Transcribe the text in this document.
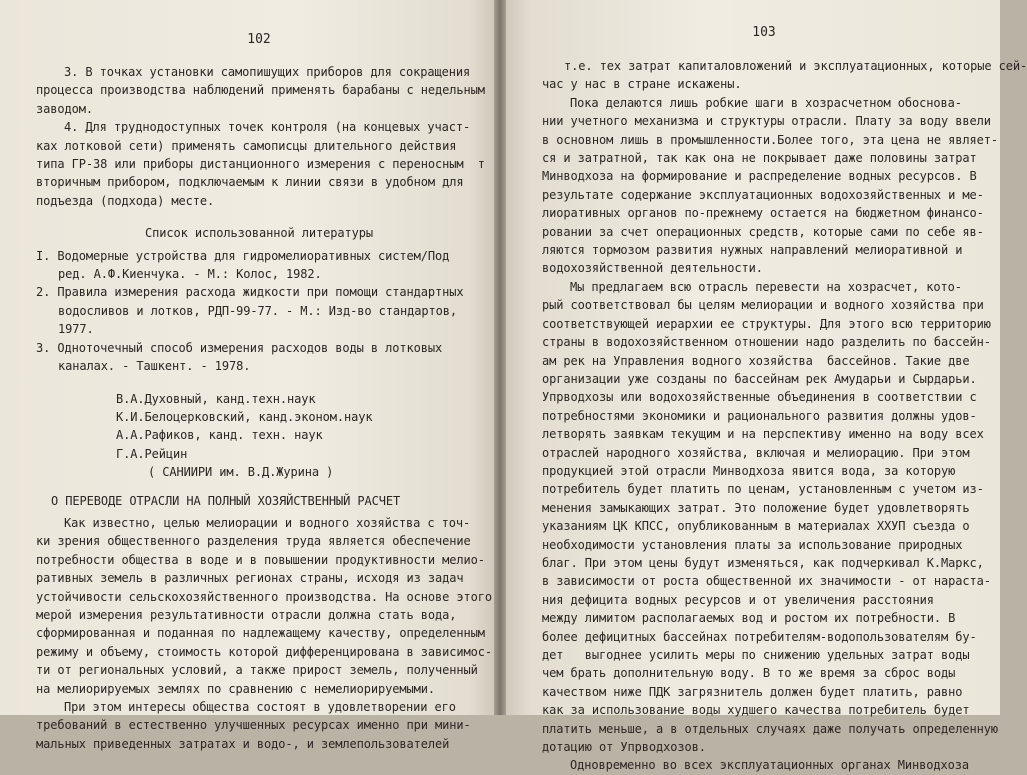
102
3. В точках установки самопишущих приборов для сокращения
процесса производства наблюдений применять барабаны с недельным
заводом.
4. Для труднодоступных точек контроля (на концевых участ-
ках лотковой сети) применять самописцы длительного действия
типа ГР-38 или приборы дистанционного измерения с переносным  т
вторичным прибором, подключаемым к линии связи в удобном для
подъезда (подхода) месте.
Список использованной литературы
I. Водомерные устройства для гидромелиоративных систем/Под
ред. А.Ф.Киенчука. - М.: Колос, 1982.
2. Правила измерения расхода жидкости при помощи стандартных
водосливов и лотков, РДП-99-77. - М.: Изд-во стандартов,
1977.
3. Одноточечный способ измерения расходов воды в лотковых
каналах. - Ташкент. - 1978.
В.А.Духовный, канд.техн.наук
К.И.Белоцерковский, канд.эконом.наук
А.А.Рафиков, канд. техн. наук
Г.А.Рейцин
( САНИИРИ им. В.Д.Журина )
О ПЕРЕВОДЕ ОТРАСЛИ НА ПОЛНЫЙ ХОЗЯЙСТВЕННЫЙ РАСЧЕТ
Как известно, целью мелиорации и водного хозяйства с точ-
ки зрения общественного разделения труда является обеспечение
потребности общества в воде и в повышении продуктивности мелио-
ративных земель в различных регионах страны, исходя из задач
устойчивости сельскохозяйственного производства. На основе этого
мерой измерения результативности отрасли должна стать вода,
сформированная и поданная по надлежащему качеству, определенным
режиму и объему, стоимость которой дифференцирована в зависимос-
ти от региональных условий, а также прирост земель, полученный
на мелиорируемых землях по сравнению с немелиорируемыми.
При этом интересы общества состоят в удовлетворении его
требований в естественно улучшенных ресурсах именно при мини-
мальных приведенных затратах и водо-, и землепользователей
103
т.е. тех затрат капиталовложений и эксплуатационных, которые сей-
час у нас в стране искажены.
Пока делаются лишь робкие шаги в хозрасчетном обоснова-
нии учетного механизма и структуры отрасли. Плату за воду ввели
в основном лишь в промышленности.Более того, эта цена не являет-
ся и затратной, так как она не покрывает даже половины затрат
Минводхоза на формирование и распределение водных ресурсов. В
результате содержание эксплуатационных водохозяйственных и ме-
лиоративных органов по-прежнему остается на бюджетном финансо-
ровании за счет операционных средств, которые сами по себе яв-
ляются тормозом развития нужных направлений мелиоративной и
водохозяйственной деятельности.
Мы предлагаем всю отрасль перевести на хозрасчет, кото-
рый соответствовал бы целям мелиорации и водного хозяйства при
соответствующей иерархии ее структуры. Для этого всю территорию
страны в водохозяйственном отношении надо разделить по бассейн-
ам рек на Управления водного хозяйства  бассейнов. Такие две
организации уже созданы по бассейнам рек Амударьи и Сырдарьи.
Упрводхозы или водохозяйственные объединения в соответствии с
потребностями экономики и рационального развития должны удов-
летворять заявкам текущим и на перспективу именно на воду всех
отраслей народного хозяйства, включая и мелиорацию. При этом
продукцией этой отрасли Минводхоза явится вода, за которую
потребитель будет платить по ценам, установленным с учетом из-
менения замыкающих затрат. Это положение будет удовлетворять
указаниям ЦК КПСС, опубликованным в материалах XXУП съезда о
необходимости установления платы за использование природных
благ. При этом цены будут изменяться, как подчеркивал К.Маркс,
в зависимости от роста общественной их значимости - от нараста-
ния дефицита водных ресурсов и от увеличения расстояния
между лимитом располагаемых вод и ростом их потребности. В
более дефицитных бассейнах потребителям-водопользователям бу-
дет   выгоднее усилить меры по снижению удельных затрат воды
чем брать дополнительную воду. В то же время за сброс воды
качеством ниже ПДК загрязнитель должен будет платить, равно
как за использование воды худшего качества потребитель будет
платить меньше, а в отдельных случаях даже получать определенную
дотацию от Упрводхозов.
Одновременно во всех эксплуатационных органах Минводхоза
